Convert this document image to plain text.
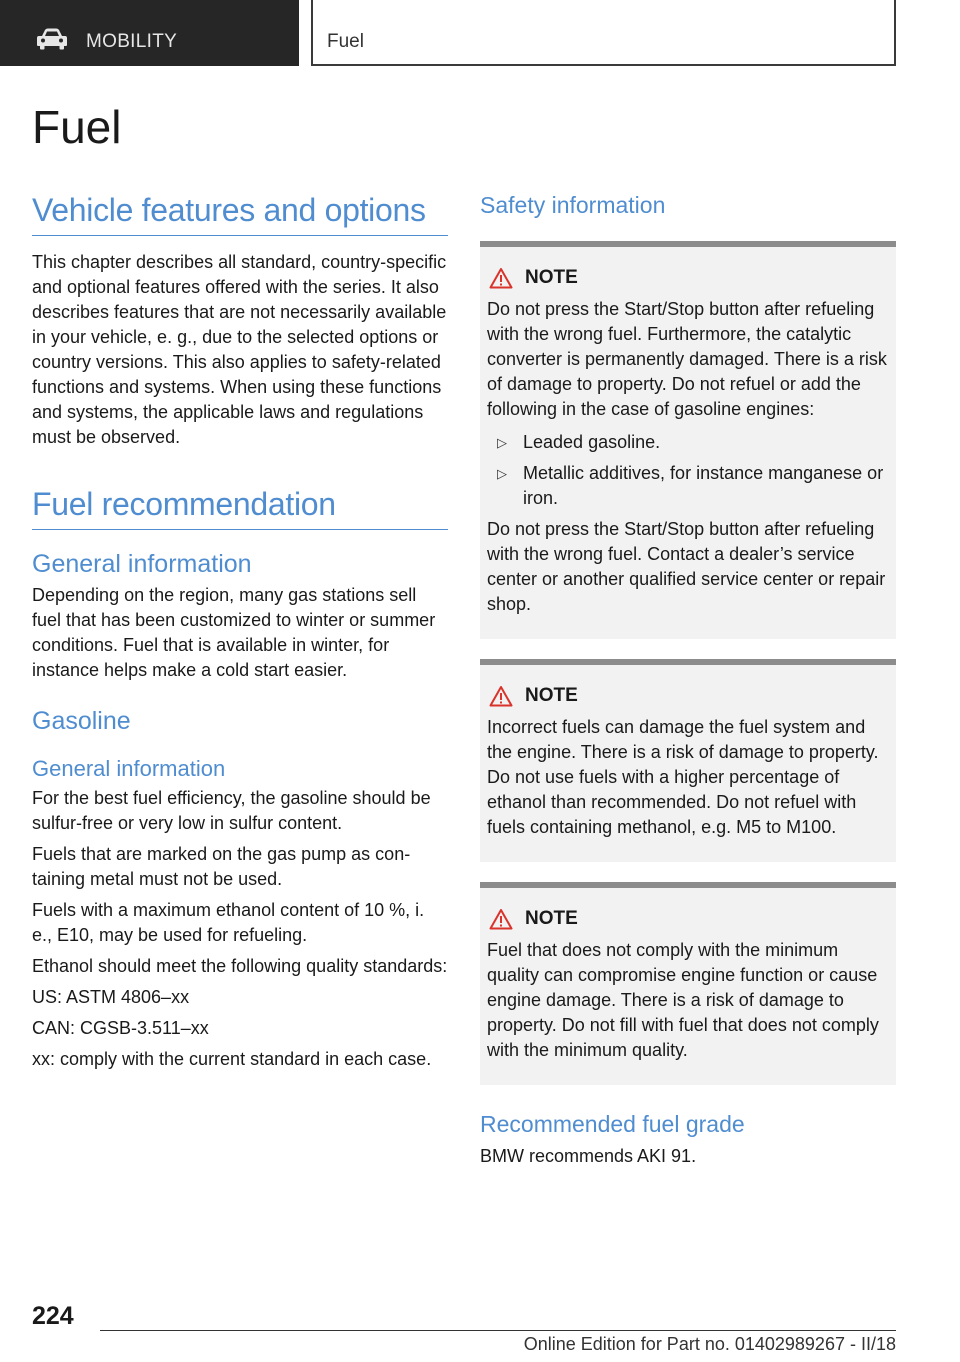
MOBILITY	Fuel
Fuel
Vehicle features and options
This chapter describes all standard, country-specific and optional features offered with the series. It also describes features that are not necessarily available in your vehicle, e. g., due to the selected options or country versions. This also applies to safety-related functions and systems. When using these functions and systems, the applicable laws and regulations must be observed.
Fuel recommendation
General information
Depending on the region, many gas stations sell fuel that has been customized to winter or summer conditions. Fuel that is available in winter, for instance helps make a cold start easier.
Gasoline
General information
For the best fuel efficiency, the gasoline should be sulfur-free or very low in sulfur content.
Fuels that are marked on the gas pump as containing metal must not be used.
Fuels with a maximum ethanol content of 10 %, i. e., E10, may be used for refueling.
Ethanol should meet the following quality standards:
US: ASTM 4806–xx
CAN: CGSB-3.511–xx
xx: comply with the current standard in each case.
Safety information
NOTE
Do not press the Start/Stop button after refueling with the wrong fuel. Furthermore, the catalytic converter is permanently damaged. There is a risk of damage to property. Do not refuel or add the following in the case of gasoline engines:
▷ Leaded gasoline.
▷ Metallic additives, for instance manganese or iron.
Do not press the Start/Stop button after refueling with the wrong fuel. Contact a dealer’s service center or another qualified service center or repair shop.
NOTE
Incorrect fuels can damage the fuel system and the engine. There is a risk of damage to property. Do not use fuels with a higher percentage of ethanol than recommended. Do not refuel with fuels containing methanol, e.g. M5 to M100.
NOTE
Fuel that does not comply with the minimum quality can compromise engine function or cause engine damage. There is a risk of damage to property. Do not fill with fuel that does not comply with the minimum quality.
Recommended fuel grade
BMW recommends AKI 91.
224
Online Edition for Part no. 01402989267 - II/18
